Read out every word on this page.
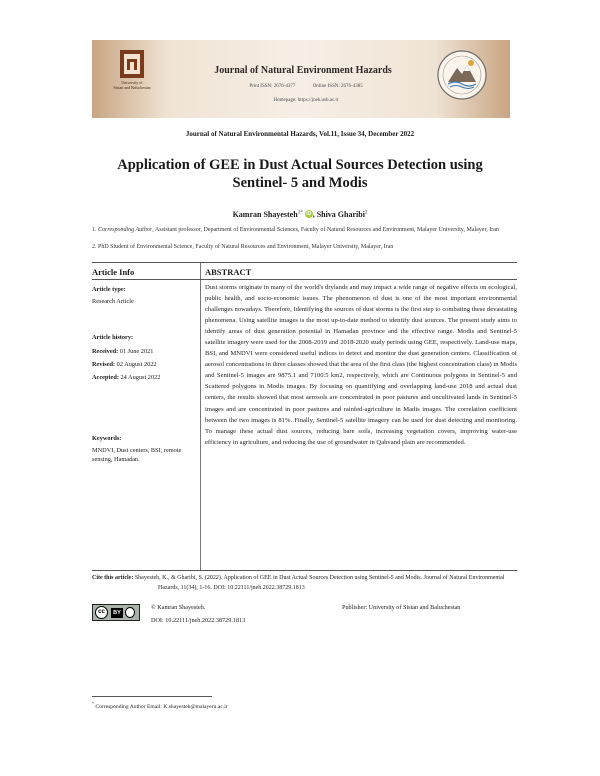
University of
Sistan and Baluchestan
Journal of Natural Environment Hazards
Print ISSN: 2676-4377	Online ISSN: 2676-4385
Homepage: https://jneh.usb.ac.ir
Journal of Natural Environmental Hazards, Vol.11, Issue 34, December 2022
Application of GEE in Dust Actual Sources Detection using
Sentinel- 5 and Modis
Kamran Shayesteh$^{1*}$ iD , Shiva Gharibi$^2$
1. Corresponding Author, Assistant professor, Department of Environmental Sciences, Faculty of Natural Resources and Environment, Malayer University, Malayer, Iran
2. PhD Student of Environmental Science, Faculty of Natural Resources and Environment, Malayer University, Malayer, Iran
Article Info	ABSTRACT
Article type:
Research Article
Article history:
Received: 01 June 2021
Revised: 02 August 2022
Accepted: 24 August 2022
Keywords:
MNDVI, Dust centers, BSI, remote sensing, Hamadan.
Dust storms originate in many of the world's drylands and may impact a wide range of negative effects on ecological, public health, and socio-economic issues. The phenomenon of dust is one of the most important environmental challenges nowadays. Therefore, Identifying the sources of dust storms is the first step to combating these devastating phenomena. Using satellite images is the most up-to-date method to identify dust sources. The present study aims to identify areas of dust generation potential in Hamadan province and the effective range. Modis and Sentinel-5 satellite imagery were used for the 2008-2019 and 2018-2020 study periods using GEE, respectively. Land-use maps, BSI, and MNDVI were considered useful indices to detect and monitor the dust generation centers. Classification of aerosol concentrations in three classes showed that the area of the first class (the highest concentration class) in Modis and Sentinel-5 images are 9875.1 and 7100.5 km2, respectively, which are Continuous polygons in Sentinel-5 and Scattered polygons in Modis images. By focusing on quantifying and overlapping land-use 2018 and actual dust centers, the results showed that most aerosols are concentrated in poor pastures and uncultivated lands in Sentinel-5 images and are concentrated in poor pastures and rainfed-agriculture in Madis images. The correlation coefficient between the two images is 81%. Finally, Sentinel-5 satellite imagery can be used for dust detecting and monitoring. To manage these actual dust sources, reducing bare soils, increasing vegetation covers, improving water-use efficiency in agriculture, and reducing the use of groundwater in Qahvand plain are recommended.
Cite this article: Shayesteh, K., & Gharibi, S. (2022). Application of GEE in Dust Actual Sources Detection using Sentinel-5 and Modis. Journal of Natural Environmental Hazards, 11(34), 1-16. DOI: 10.22111/jneh.2022.38729.1813
cc	BY
© Kamran Shayesteh.	Publisher: University of Sistan and Baluchestan
DOI: 10.22111/jneh.2022.38729.1813
* Corresponding Author Email: K.shayesteh@malayeru.ac.ir
